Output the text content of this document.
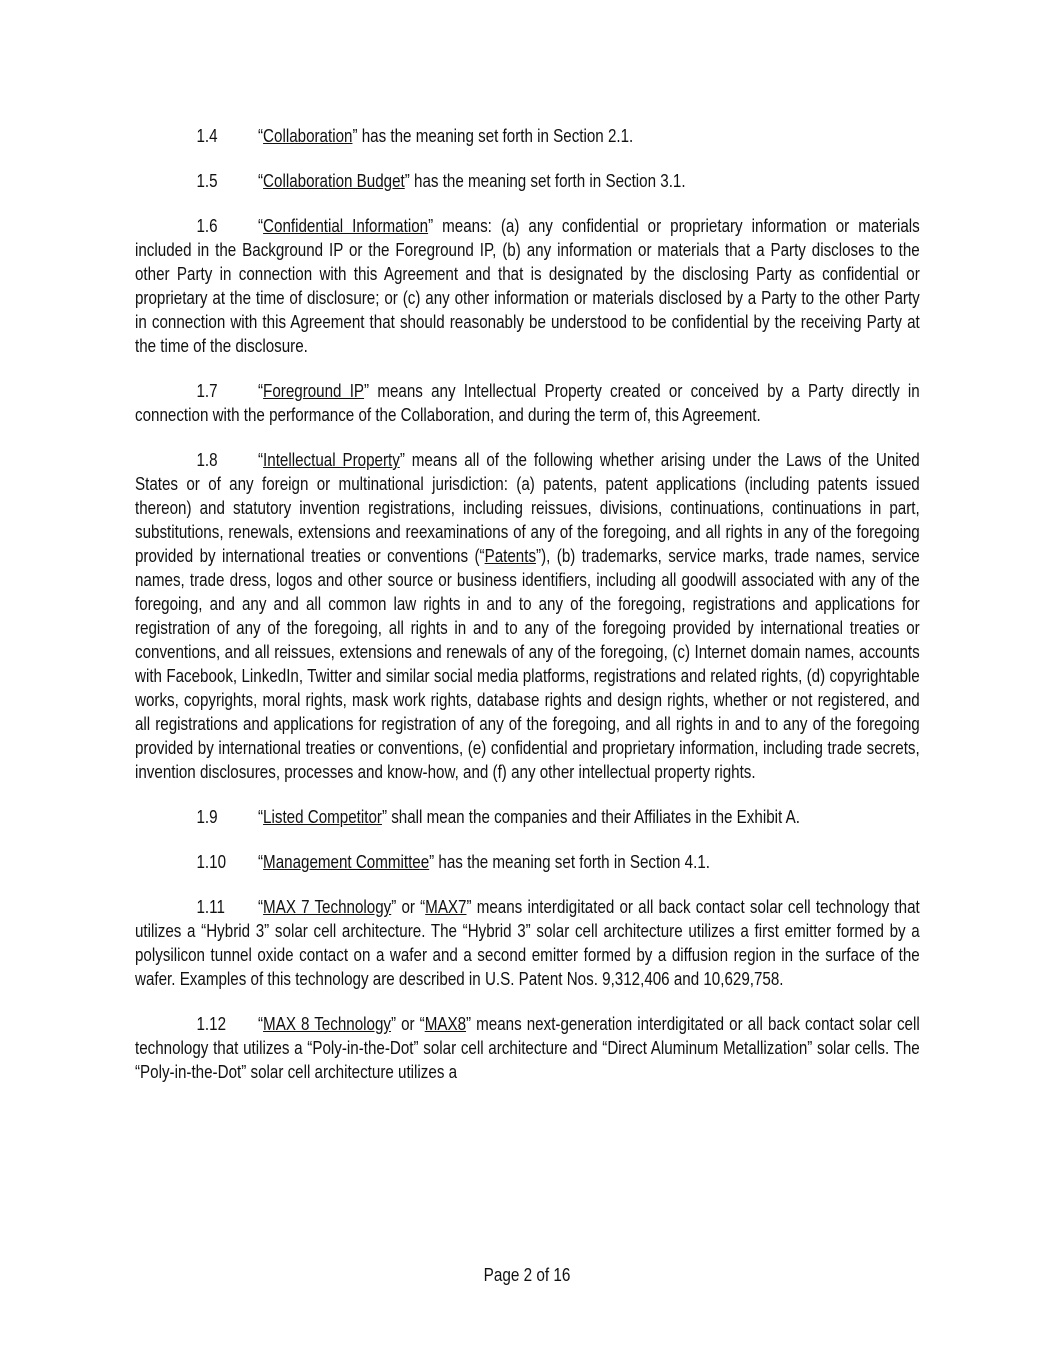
1.4 “Collaboration” has the meaning set forth in Section 2.1.

1.5 “Collaboration Budget” has the meaning set forth in Section 3.1.

1.6 “Confidential Information” means: (a) any confidential or proprietary information or materials included in the Background IP or the Foreground IP, (b) any information or materials that a Party discloses to the other Party in connection with this Agreement and that is designated by the disclosing Party as confidential or proprietary at the time of disclosure; or (c) any other information or materials disclosed by a Party to the other Party in connection with this Agreement that should reasonably be understood to be confidential by the receiving Party at the time of the disclosure.

1.7 “Foreground IP” means any Intellectual Property created or conceived by a Party directly in connection with the performance of the Collaboration, and during the term of, this Agreement.

1.8 “Intellectual Property” means all of the following whether arising under the Laws of the United States or of any foreign or multinational jurisdiction: (a) patents, patent applications (including patents issued thereon) and statutory invention registrations, including reissues, divisions, continuations, continuations in part, substitutions, renewals, extensions and reexaminations of any of the foregoing, and all rights in any of the foregoing provided by international treaties or conventions (“Patents”), (b) trademarks, service marks, trade names, service names, trade dress, logos and other source or business identifiers, including all goodwill associated with any of the foregoing, and any and all common law rights in and to any of the foregoing, registrations and applications for registration of any of the foregoing, all rights in and to any of the foregoing provided by international treaties or conventions, and all reissues, extensions and renewals of any of the foregoing, (c) Internet domain names, accounts with Facebook, LinkedIn, Twitter and similar social media platforms, registrations and related rights, (d) copyrightable works, copyrights, moral rights, mask work rights, database rights and design rights, whether or not registered, and all registrations and applications for registration of any of the foregoing, and all rights in and to any of the foregoing provided by international treaties or conventions, (e) confidential and proprietary information, including trade secrets, invention disclosures, processes and know-how, and (f) any other intellectual property rights.

1.9 “Listed Competitor” shall mean the companies and their Affiliates in the Exhibit A.

1.10 “Management Committee” has the meaning set forth in Section 4.1.

1.11 “MAX 7 Technology” or “MAX7” means interdigitated or all back contact solar cell technology that utilizes a “Hybrid 3” solar cell architecture. The “Hybrid 3” solar cell architecture utilizes a first emitter formed by a polysilicon tunnel oxide contact on a wafer and a second emitter formed by a diffusion region in the surface of the wafer. Examples of this technology are described in U.S. Patent Nos. 9,312,406 and 10,629,758.

1.12 “MAX 8 Technology” or “MAX8” means next-generation interdigitated or all back contact solar cell technology that utilizes a “Poly-in-the-Dot” solar cell architecture and “Direct Aluminum Metallization” solar cells. The “Poly-in-the-Dot” solar cell architecture utilizes a

Page 2 of 16
